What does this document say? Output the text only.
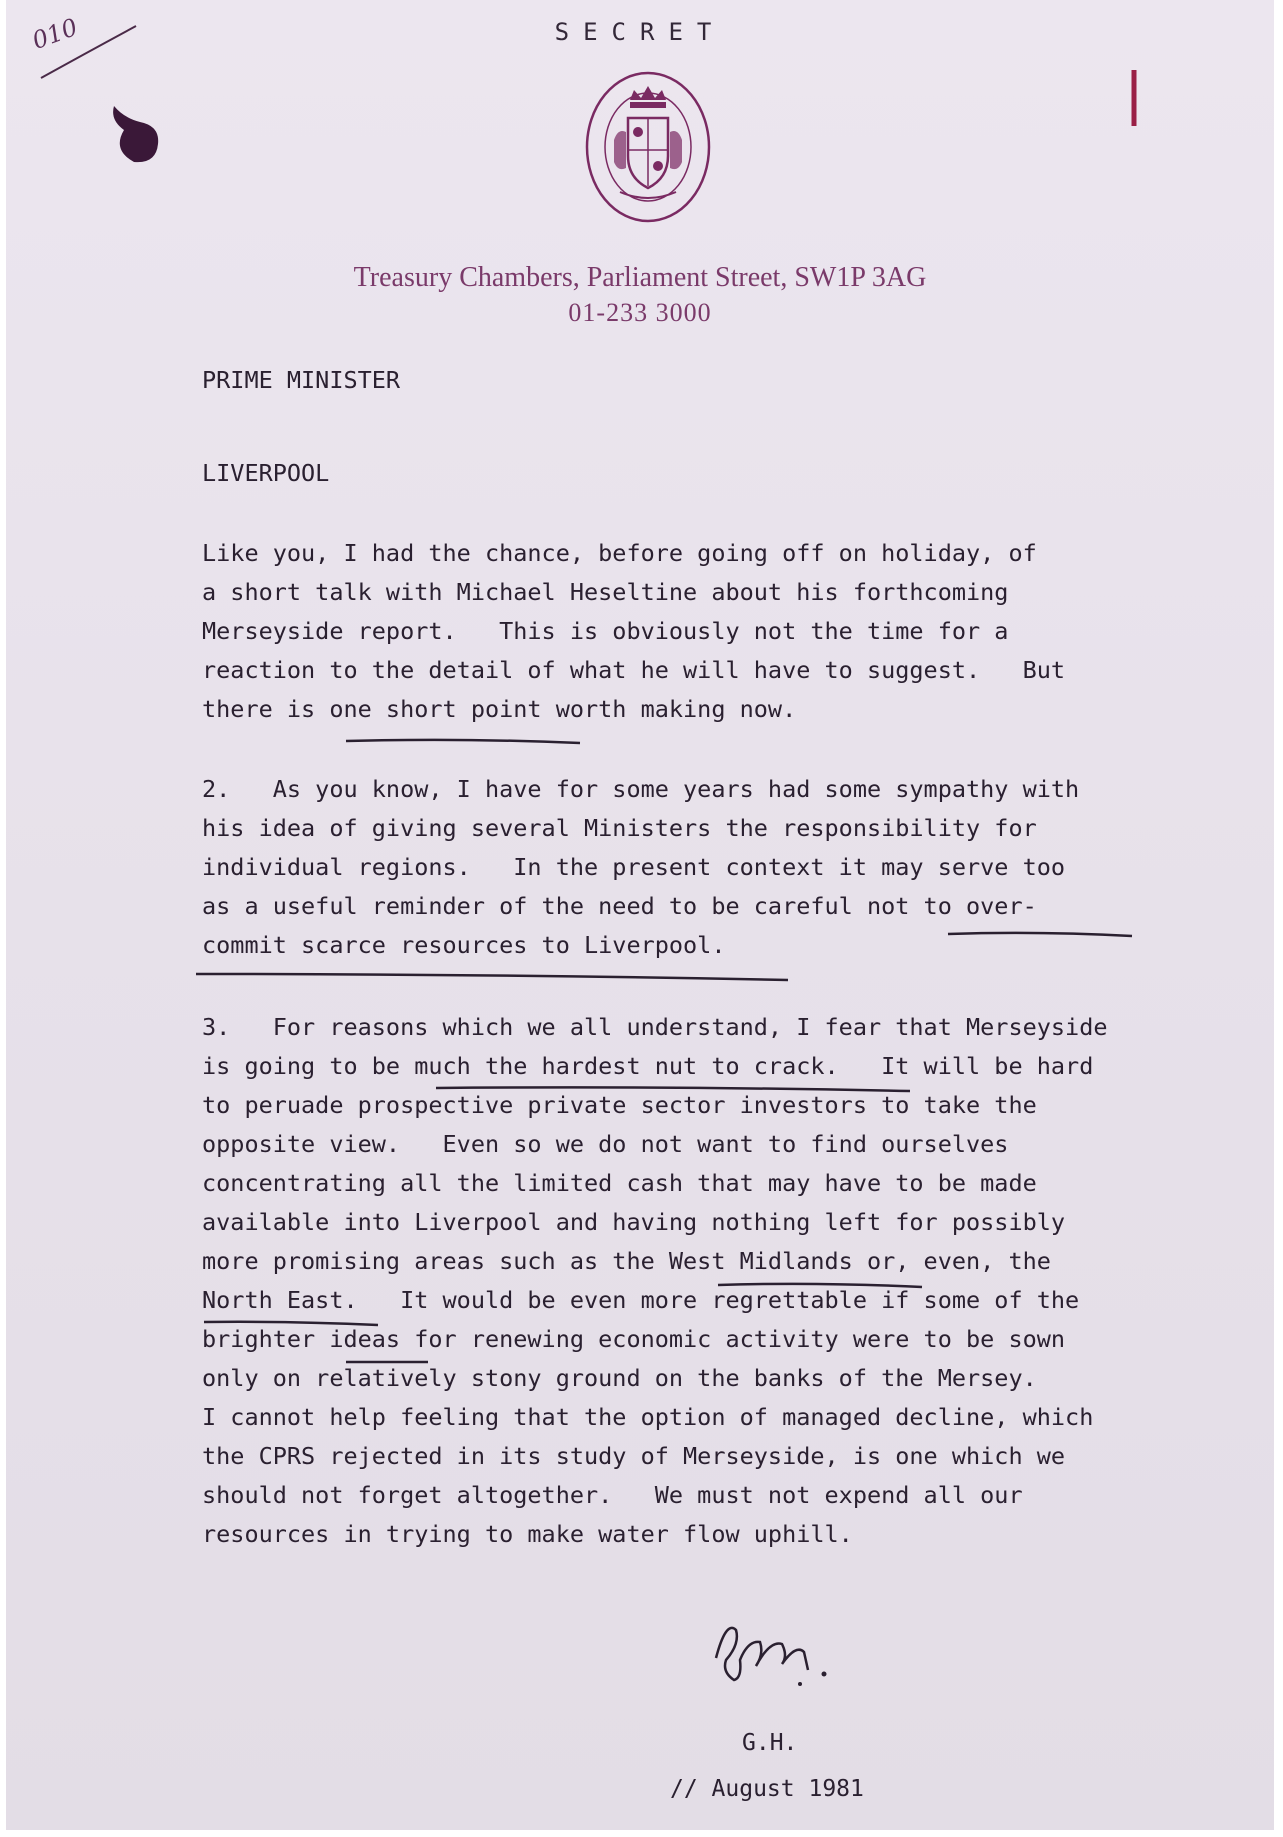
010	SECRET
Treasury Chambers, Parliament Street, SW1P 3AG
01-233 3000
PRIME MINISTER
LIVERPOOL
Like you, I had the chance, before going off on holiday, of
a short talk with Michael Heseltine about his forthcoming
Merseyside report.   This is obviously not the time for a
reaction to the detail of what he will have to suggest.   But
there is one short point worth making now.
2.   As you know, I have for some years had some sympathy with
his idea of giving several Ministers the responsibility for
individual regions.   In the present context it may serve too
as a useful reminder of the need to be careful not to over-
commit scarce resources to Liverpool.
3.   For reasons which we all understand, I fear that Merseyside
is going to be much the hardest nut to crack.   It will be hard
to peruade prospective private sector investors to take the
opposite view.   Even so we do not want to find ourselves
concentrating all the limited cash that may have to be made
available into Liverpool and having nothing left for possibly
more promising areas such as the West Midlands or, even, the
North East.   It would be even more regrettable if some of the
brighter ideas for renewing economic activity were to be sown
only on relatively stony ground on the banks of the Mersey.
I cannot help feeling that the option of managed decline, which
the CPRS rejected in its study of Merseyside, is one which we
should not forget altogether.   We must not expend all our
resources in trying to make water flow uphill.
G.H.
// August 1981
